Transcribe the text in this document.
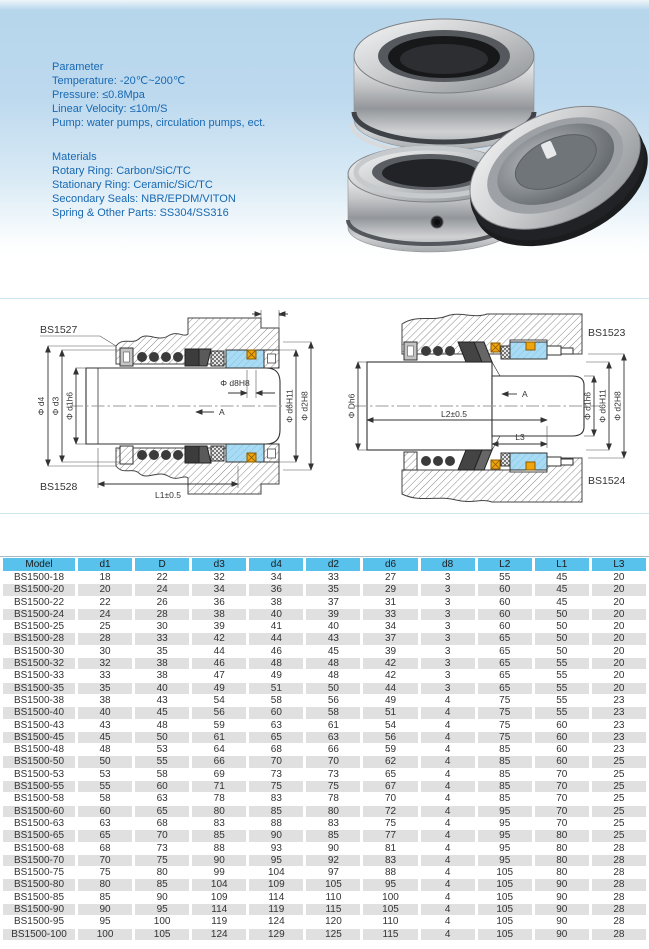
Parameter
Temperature: -20℃~200℃
Pressure: ≤0.8Mpa
Linear Velocity: ≤10m/S
Pump: water pumps, circulation pumps, ect.
Materials
Rotary Ring: Carbon/SiC/TC
Stationary Ring: Ceramic/SiC/TC
Secondary Seals: NBR/EPDM/VITON
Spring & Other Parts: SS304/SS316
Φ d4 Φ d3 Φ d1h6	Φ d6H11 Φ d2H8
5
Φ d8H8
A
L1±0.5
BS1527
BS1528
Φ Dh6	L2±0.5
L3
Φ d1h6 Φ d6H11 Φ d2H8
A
BS1523
BS1524
Model	d1	D	d3	d4	d2	d6	d8	L2	L1	L3
BS1500-18	18	22	32	34	33	27	3	55	45	20
BS1500-20	20	24	34	36	35	29	3	60	45	20
BS1500-22	22	26	36	38	37	31	3	60	45	20
BS1500-24	24	28	38	40	39	33	3	60	50	20
BS1500-25	25	30	39	41	40	34	3	60	50	20
BS1500-28	28	33	42	44	43	37	3	65	50	20
BS1500-30	30	35	44	46	45	39	3	65	50	20
BS1500-32	32	38	46	48	48	42	3	65	55	20
BS1500-33	33	38	47	49	48	42	3	65	55	20
BS1500-35	35	40	49	51	50	44	3	65	55	20
BS1500-38	38	43	54	58	56	49	4	75	55	23
BS1500-40	40	45	56	60	58	51	4	75	55	23
BS1500-43	43	48	59	63	61	54	4	75	60	23
BS1500-45	45	50	61	65	63	56	4	75	60	23
BS1500-48	48	53	64	68	66	59	4	85	60	23
BS1500-50	50	55	66	70	70	62	4	85	60	25
BS1500-53	53	58	69	73	73	65	4	85	70	25
BS1500-55	55	60	71	75	75	67	4	85	70	25
BS1500-58	58	63	78	83	78	70	4	85	70	25
BS1500-60	60	65	80	85	80	72	4	95	70	25
BS1500-63	63	68	83	88	83	75	4	95	70	25
BS1500-65	65	70	85	90	85	77	4	95	80	25
BS1500-68	68	73	88	93	90	81	4	95	80	28
BS1500-70	70	75	90	95	92	83	4	95	80	28
BS1500-75	75	80	99	104	97	88	4	105	80	28
BS1500-80	80	85	104	109	105	95	4	105	90	28
BS1500-85	85	90	109	114	110	100	4	105	90	28
BS1500-90	90	95	114	119	115	105	4	105	90	28
BS1500-95	95	100	119	124	120	110	4	105	90	28
BS1500-100	100	105	124	129	125	115	4	105	90	28
